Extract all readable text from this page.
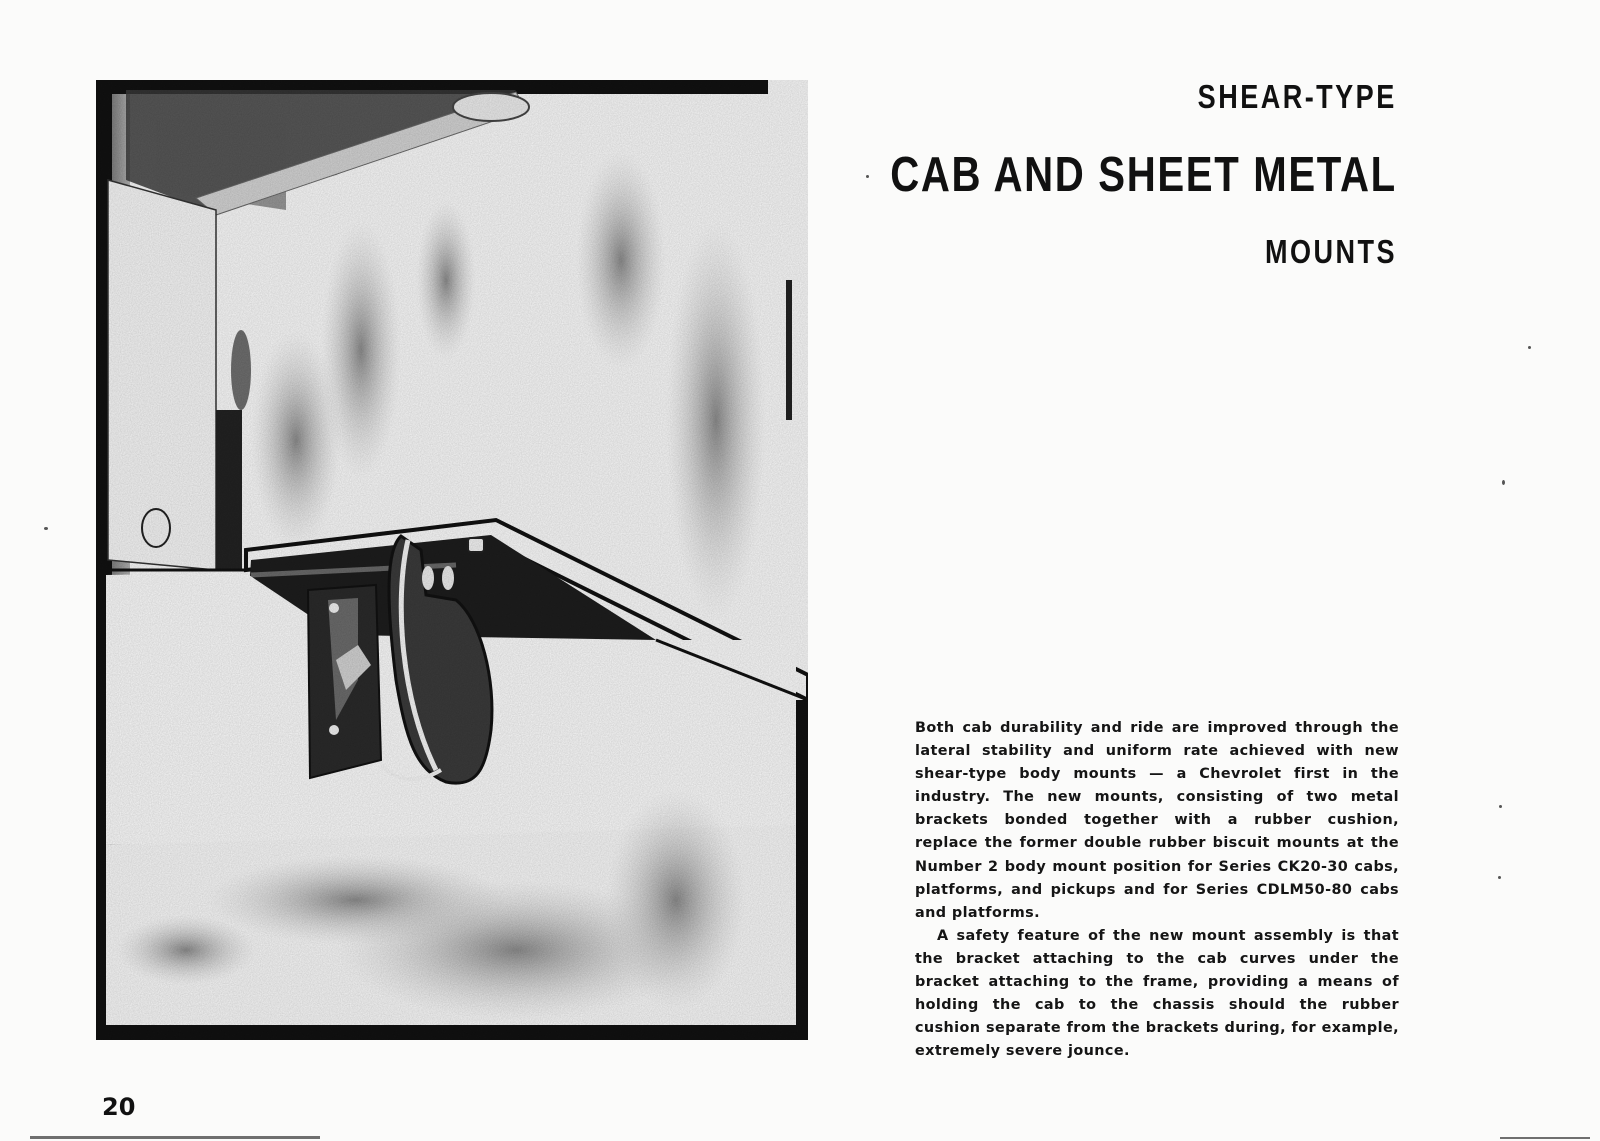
SHEAR-TYPE
CAB AND SHEET METAL
MOUNTS

Both cab durability and ride are improved through the lateral stability and uniform rate achieved with new shear-type body mounts — a Chevrolet first in the industry. The new mounts, consisting of two metal brackets bonded together with a rubber cushion, replace the former double rubber biscuit mounts at the Number 2 body mount position for Series CK20-30 cabs, platforms, and pickups and for Series CDLM50-80 cabs and platforms.

A safety feature of the new mount assembly is that the bracket attaching to the cab curves under the bracket attaching to the frame, providing a means of holding the cab to the chassis should the rubber cushion separate from the brackets during, for example, extremely severe jounce.

20
